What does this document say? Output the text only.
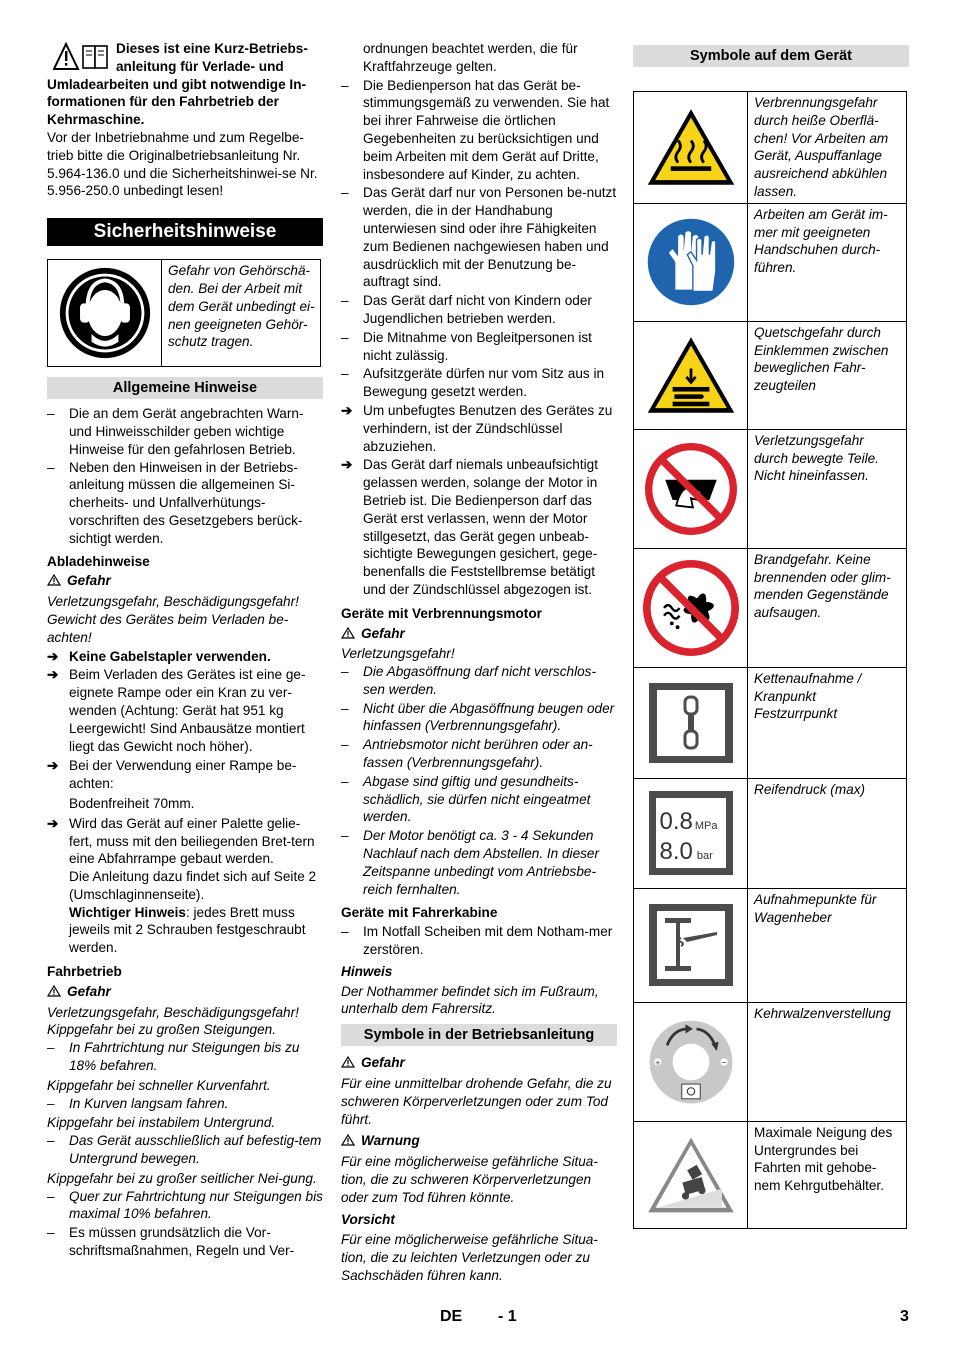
Dieses ist eine Kurz-Betriebs-

anleitung für Verlade- und

Umladearbeiten und gibt notwendige In-formationen für den Fahrbetrieb der Kehrmaschine.

Vor der Inbetriebnahme und zum Regelbe-trieb bitte die Originalbetriebsanleitung Nr. 5.964-136.0 und die Sicherheitshinwei-se Nr. 5.956-250.0 unbedingt lesen!

Sicherheitshinweise
	Gefahr von Gehörschä-den. Bei der Arbeit mit dem Gerät unbedingt ei-nen geeigneten Gehör-schutz tragen.
Allgemeine Hinweise
– Die an dem Gerät angebrachten Warn- und Hinweisschilder geben wichtige Hinweise für den gefahrlosen Betrieb.
– Neben den Hinweisen in der Betriebs-anleitung müssen die allgemeinen Si-cherheits- und Unfallverhütungs-vorschriften des Gesetzgebers berück-sichtigt werden.

Abladehinweise

Gefahr

Verletzungsgefahr, Beschädigungsgefahr! Gewicht des Gerätes beim Verladen be-achten!

➔ Keine Gabelstapler verwenden.
➔ Beim Verladen des Gerätes ist eine ge-eignete Rampe oder ein Kran zu ver-wenden (Achtung: Gerät hat 951 kg Leergewicht! Sind Anbausätze montiert liegt das Gewicht noch höher).
➔ Bei der Verwendung einer Rampe be-achten:

Bodenfreiheit 70mm.

➔ Wird das Gerät auf einer Palette gelie-fert, muss mit den beiliegenden Bret-tern eine Abfahrrampe gebaut werden.

Die Anleitung dazu findet sich auf Seite 2 (Umschlaginnenseite).

Wichtiger Hinweis: jedes Brett muss jeweils mit 2 Schrauben festgeschraubt werden.

Fahrbetrieb

Gefahr

Verletzungsgefahr, Beschädigungsgefahr!

Kippgefahr bei zu großen Steigungen.

– In Fahrtrichtung nur Steigungen bis zu 18% befahren.

Kippgefahr bei schneller Kurvenfahrt.

– In Kurven langsam fahren.

Kippgefahr bei instabilem Untergrund.

– Das Gerät ausschließlich auf befestig-tem Untergrund bewegen.

Kippgefahr bei zu großer seitlicher Nei-gung.

– Quer zur Fahrtrichtung nur Steigungen bis maximal 10% befahren.
– Es müssen grundsätzlich die Vor-schriftsmaßnahmen, Regeln und Ver-

ordnungen beachtet werden, die für Kraftfahrzeuge gelten.

– Die Bedienperson hat das Gerät be-stimmungsgemäß zu verwenden. Sie hat bei ihrer Fahrweise die örtlichen Gegebenheiten zu berücksichtigen und beim Arbeiten mit dem Gerät auf Dritte, insbesondere auf Kinder, zu achten.
– Das Gerät darf nur von Personen be-nutzt werden, die in der Handhabung unterwiesen sind oder ihre Fähigkeiten zum Bedienen nachgewiesen haben und ausdrücklich mit der Benutzung be-auftragt sind.
– Das Gerät darf nicht von Kindern oder Jugendlichen betrieben werden.
– Die Mitnahme von Begleitpersonen ist nicht zulässig.
– Aufsitzgeräte dürfen nur vom Sitz aus in Bewegung gesetzt werden.
➔ Um unbefugtes Benutzen des Gerätes zu verhindern, ist der Zündschlüssel abzuziehen.
➔ Das Gerät darf niemals unbeaufsichtigt gelassen werden, solange der Motor in Betrieb ist. Die Bedienperson darf das Gerät erst verlassen, wenn der Motor stillgesetzt, das Gerät gegen unbeab-sichtigte Bewegungen gesichert, gege-benenfalls die Feststellbremse betätigt und der Zündschlüssel abgezogen ist.

Geräte mit Verbrennungsmotor

Gefahr

Verletzungsgefahr!

– Die Abgasöffnung darf nicht verschlos-sen werden.
– Nicht über die Abgasöffnung beugen oder hinfassen (Verbrennungsgefahr).
– Antriebsmotor nicht berühren oder an-fassen (Verbrennungsgefahr).
– Abgase sind giftig und gesundheits-schädlich, sie dürfen nicht eingeatmet werden.
– Der Motor benötigt ca. 3 - 4 Sekunden Nachlauf nach dem Abstellen. In dieser Zeitspanne unbedingt vom Antriebsbe-reich fernhalten.

Geräte mit Fahrerkabine

– Im Notfall Scheiben mit dem Notham-mer zerstören.

Hinweis

Der Nothammer befindet sich im Fußraum, unterhalb dem Fahrersitz.

Symbole in der Betriebsanleitung

Gefahr

Für eine unmittelbar drohende Gefahr, die zu schweren Körperverletzungen oder zum Tod führt.

Warnung

Für eine möglicherweise gefährliche Situa-tion, die zu schweren Körperverletzungen oder zum Tod führen könnte.

Vorsicht

Für eine möglicherweise gefährliche Situa-tion, die zu leichten Verletzungen oder zu Sachschäden führen kann.

Symbole auf dem Gerät
	Verbrennungsgefahr durch heiße Oberflä-chen! Vor Arbeiten am Gerät, Auspuffanlage ausreichend abkühlen lassen.

	Arbeiten am Gerät im-mer mit geeigneten Handschuhen durch-führen.

	Quetschgefahr durch Einklemmen zwischen beweglichen Fahr-zeugteilen

	Verletzungsgefahr durch bewegte Teile. Nicht hineinfassen.

	Brandgefahr. Keine brennenden oder glim-menden Gegenstände aufsaugen.

	Kettenaufnahme / Kranpunkt Festzurrpunkt

0.8 MPa
8.0 bar	Reifendruck (max)

	Aufnahmepunkte für Wagenheber

+ −	Kehrwalzenverstellung

	Maximale Neigung des Untergrundes bei Fahrten mit gehobe-nem Kehrgutbehälter.
DE - 1	3
